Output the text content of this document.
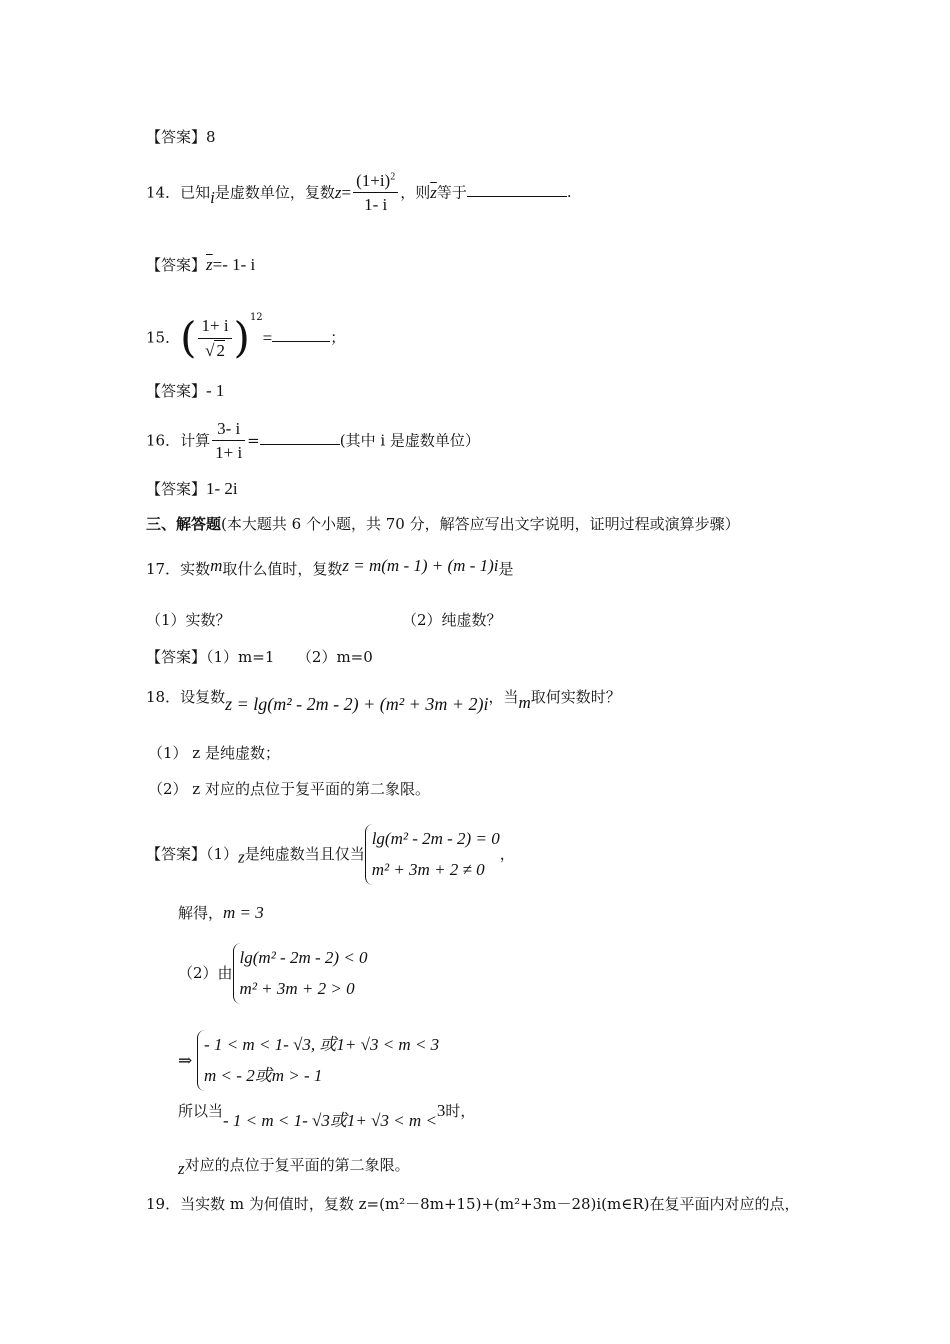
【答案】8
14．已知i是虚数单位，复数$z= \frac{(1+i)^2}{1- i}$ ，则$\overline{z}$等于	.
【答案】$\overline{z}=-$ 1- i
15．( $\frac{1+ i}{√ 2} )^{12}=$	；
【答案】- 1
16．计算 $\frac{3- i}{1+ i}$ =	(其中 i 是虚数单位）
【答案】1- 2i
三、解答题(本大题共 6 个小题，共 70 分，解答应写出文字说明，证明过程或演算步骤）
17．实数m取什么值时，复数z = m(m - 1) + (m - 1)i是
（1）实数？	（2）纯虚数？
【答案】（1）m=1　　（2）m=0
18．设复数z = lg(m² - 2m - 2) + (m² + 3m + 2)i，当m取何实数时？
（1） z 是纯虚数；
（2） z 对应的点位于复平面的第二象限。
【答案】（1）z是纯虚数当且仅当lg(m² - 2m - 2) = 0
m² + 3m + 2 ≠ 0，
解得，m = 3
（2）由lg(m² - 2m - 2) < 0
m² + 3m + 2 > 0
⇒ - 1 < m < 1- √3, 或1+ √3 < m < 3
m < - 2或m > - 1
所以当- 1 < m < 1- √3或1+ √3 < m <3时，
z对应的点位于复平面的第二象限。
19．当实数 m 为何值时，复数 z=(m²－8m+15)+(m²+3m－28)i(m∈R)在复平面内对应的点，
